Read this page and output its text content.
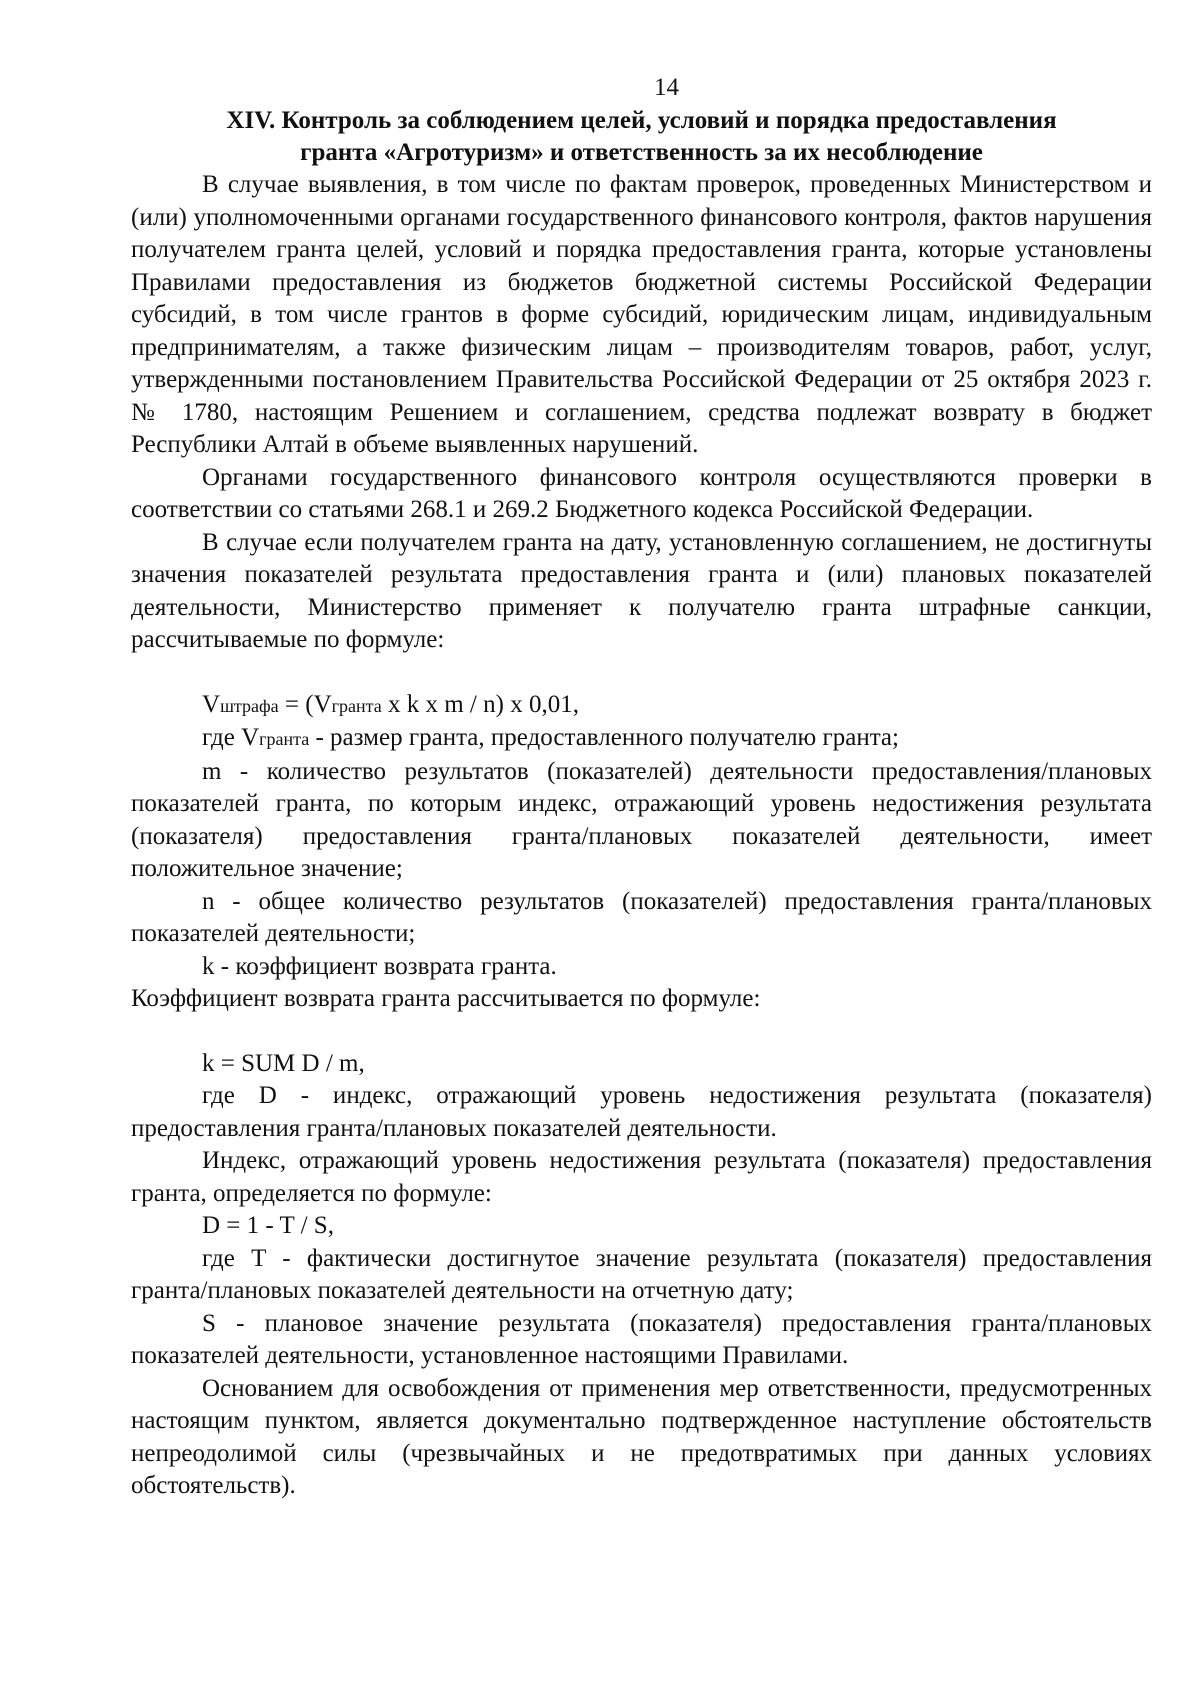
14
XIV. Контроль за соблюдением целей, условий и порядка предоставления
гранта «Агротуризм» и ответственность за их несоблюдение

В случае выявления, в том числе по фактам проверок, проведенных Министерством и (или) уполномоченными органами государственного финансового контроля, фактов нарушения получателем гранта целей, условий и порядка предоставления гранта, которые установлены Правилами предоставления из бюджетов бюджетной системы Российской Федерации субсидий, в том числе грантов в форме субсидий, юридическим лицам, индивидуальным предпринимателям, а также физическим лицам – производителям товаров, работ, услуг, утвержденными постановлением Правительства Российской Федерации от 25 октября 2023 г. № 1780, настоящим Решением и соглашением, средства подлежат возврату в бюджет Республики Алтай в объеме выявленных нарушений.

Органами государственного финансового контроля осуществляются проверки в соответствии со статьями 268.1 и 269.2 Бюджетного кодекса Российской Федерации.

В случае если получателем гранта на дату, установленную соглашением, не достигнуты значения показателей результата предоставления гранта и (или) плановых показателей деятельности, Министерство применяет к получателю гранта штрафные санкции, рассчитываемые по формуле:

Vштрафа = (Vгранта x k x m / n) x 0,01,

где Vгранта - размер гранта, предоставленного получателю гранта;

m - количество результатов (показателей) деятельности предоставления/плановых показателей гранта, по которым индекс, отражающий уровень недостижения результата (показателя) предоставления гранта/плановых показателей деятельности, имеет положительное значение;

n - общее количество результатов (показателей) предоставления гранта/плановых показателей деятельности;

k - коэффициент возврата гранта.

Коэффициент возврата гранта рассчитывается по формуле:

k = SUM D / m,

где D - индекс, отражающий уровень недостижения результата (показателя) предоставления гранта/плановых показателей деятельности.

Индекс, отражающий уровень недостижения результата (показателя) предоставления гранта, определяется по формуле:

D = 1 - T / S,

где T - фактически достигнутое значение результата (показателя) предоставления гранта/плановых показателей деятельности на отчетную дату;

S - плановое значение результата (показателя) предоставления гранта/плановых показателей деятельности, установленное настоящими Правилами.

Основанием для освобождения от применения мер ответственности, предусмотренных настоящим пунктом, является документально подтвержденное наступление обстоятельств непреодолимой силы (чрезвычайных и не предотвратимых при данных условиях обстоятельств).
